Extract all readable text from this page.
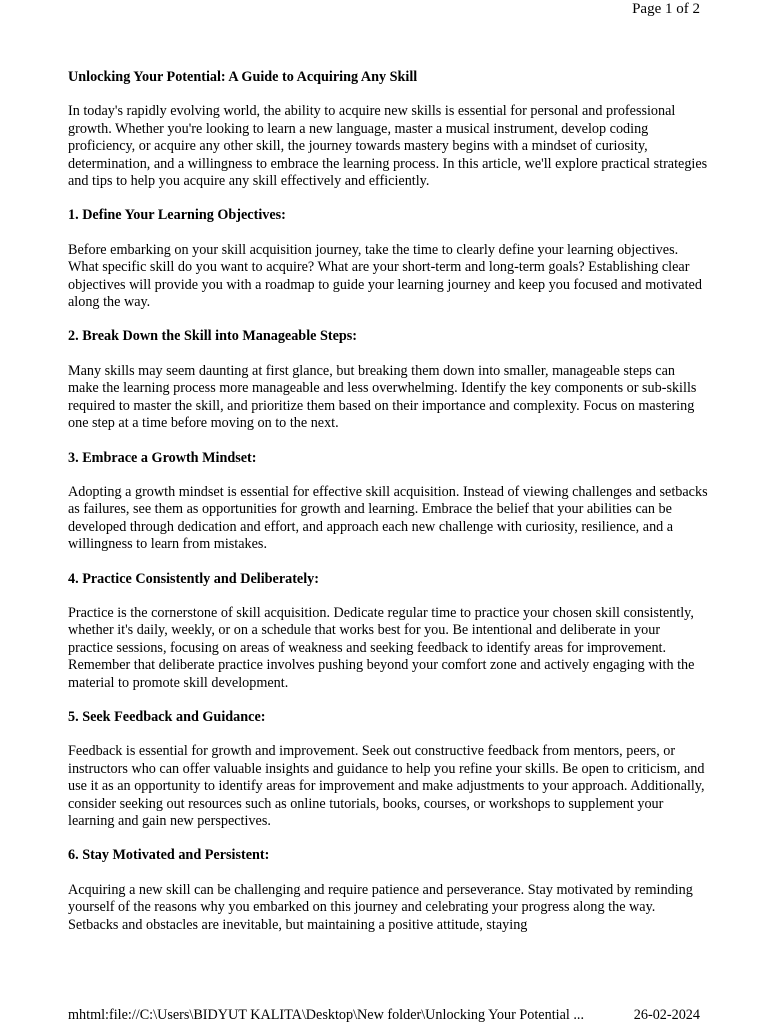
Page 1 of 2
Unlocking Your Potential: A Guide to Acquiring Any Skill
In today's rapidly evolving world, the ability to acquire new skills is essential for personal and professional growth. Whether you're looking to learn a new language, master a musical instrument, develop coding proficiency, or acquire any other skill, the journey towards mastery begins with a mindset of curiosity, determination, and a willingness to embrace the learning process. In this article, we'll explore practical strategies and tips to help you acquire any skill effectively and efficiently.
1. Define Your Learning Objectives:
Before embarking on your skill acquisition journey, take the time to clearly define your learning objectives. What specific skill do you want to acquire? What are your short-term and long-term goals? Establishing clear objectives will provide you with a roadmap to guide your learning journey and keep you focused and motivated along the way.
2. Break Down the Skill into Manageable Steps:
Many skills may seem daunting at first glance, but breaking them down into smaller, manageable steps can make the learning process more manageable and less overwhelming. Identify the key components or sub-skills required to master the skill, and prioritize them based on their importance and complexity. Focus on mastering one step at a time before moving on to the next.
3. Embrace a Growth Mindset:
Adopting a growth mindset is essential for effective skill acquisition. Instead of viewing challenges and setbacks as failures, see them as opportunities for growth and learning. Embrace the belief that your abilities can be developed through dedication and effort, and approach each new challenge with curiosity, resilience, and a willingness to learn from mistakes.
4. Practice Consistently and Deliberately:
Practice is the cornerstone of skill acquisition. Dedicate regular time to practice your chosen skill consistently, whether it's daily, weekly, or on a schedule that works best for you. Be intentional and deliberate in your practice sessions, focusing on areas of weakness and seeking feedback to identify areas for improvement. Remember that deliberate practice involves pushing beyond your comfort zone and actively engaging with the material to promote skill development.
5. Seek Feedback and Guidance:
Feedback is essential for growth and improvement. Seek out constructive feedback from mentors, peers, or instructors who can offer valuable insights and guidance to help you refine your skills. Be open to criticism, and use it as an opportunity to identify areas for improvement and make adjustments to your approach. Additionally, consider seeking out resources such as online tutorials, books, courses, or workshops to supplement your learning and gain new perspectives.
6. Stay Motivated and Persistent:
Acquiring a new skill can be challenging and require patience and perseverance. Stay motivated by reminding yourself of the reasons why you embarked on this journey and celebrating your progress along the way. Setbacks and obstacles are inevitable, but maintaining a positive attitude, staying
mhtml:file://C:\Users\BIDYUT KALITA\Desktop\New folder\Unlocking Your Potential ...	26-02-2024
